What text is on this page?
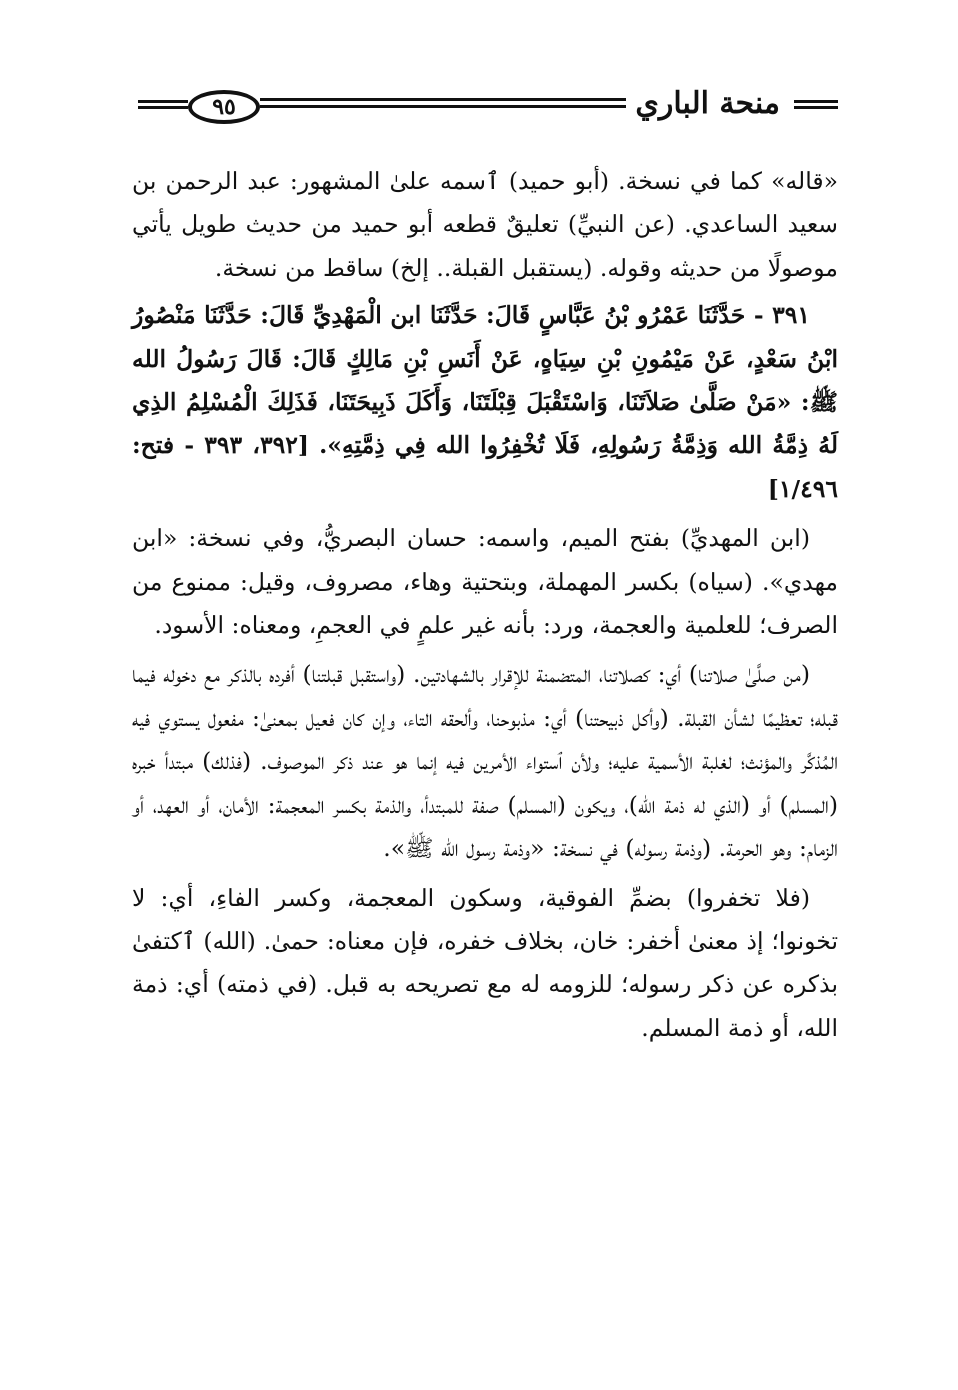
منحة الباري
٩٥

«قاله» كما في نسخة. (أبو حميد) ٱسمه علىٰ المشهور: عبد الرحمن بن سعيد الساعدي. (عن النبيِّ) تعليقٌ قطعه أبو حميد من حديث طويل يأتي موصولًا من حديثه وقوله. (يستقبل القبلة.. إلخ) ساقط من نسخة.

٣٩١ - حَدَّثَنَا عَمْرُو بْنُ عَبَّاسٍ قَالَ: حَدَّثَنَا ابن الْمَهْدِيِّ قَالَ: حَدَّثَنَا مَنْصُورُ ابْنُ سَعْدٍ، عَنْ مَيْمُونِ بْنِ سِيَاهٍ، عَنْ أَنَسِ بْنِ مَالِكٍ قَالَ: قَالَ رَسُولُ الله ﷺ: «مَنْ صَلَّىٰ صَلاَتَنَا، وَاسْتَقْبَلَ قِبْلَتَنَا، وَأَكَلَ ذَبِيحَتَنَا، فَذَلِكَ الْمُسْلِمُ الذِي لَهُ ذِمَّةُ الله وَذِمَّةُ رَسُولِهِ، فَلَا تُخْفِرُوا الله فِي ذِمَّتِهِ». [٣٩٢، ٣٩٣ - فتح: ١/٤٩٦]

(ابن المهديِّ) بفتح الميم، واسمه: حسان البصريُّ، وفي نسخة: «ابن مهدي». (سياه) بكسر المهملة، وبتحتية وهاء، مصروف، وقيل: ممنوع من الصرف؛ للعلمية والعجمة، ورد: بأنه غير علمٍ في العجمِ، ومعناه: الأسود.

(من صلَّىٰ صلاتنا) أي: كصلاتنا، المتضمنة للإقرار بالشهادتين. (واستقبل قبلتنا) أفرده بالذكر مع دخوله فيما قبله؛ تعظيمًا لشأن القبلة. (وأكل ذبيحتنا) أي: مذبوحنا، وألحقه التاء، وإن كان فعيل بمعنىٰ: مفعول يستوي فيه المُذكَّر والمؤنث؛ لغلبة الأسمية عليه؛ ولأن ٱستواء الأمرين فيه إنما هو عند ذكر الموصوف. (فذلك) مبتدأ خبره (المسلم) أو (الذي له ذمة الله)، ويكون (المسلم) صفة للمبتدأ، والذمة بكسر المعجمة: الأمان، أو العهد، أو الزمام: وهو الحرمة. (وذمة رسوله) في نسخة: «وذمة رسول الله ﷺ».

(فلا تخفروا) بضمِّ الفوقية، وسكون المعجمة، وكسر الفاءِ، أي: لا تخونوا؛ إذ معنىٰ أخفر: خان، بخلاف خفره، فإن معناه: حمىٰ. (الله) ٱكتفىٰ بذكره عن ذكر رسوله؛ للزومه له مع تصريحه به قبل. (في ذمته) أي: ذمة الله، أو ذمة المسلم.
